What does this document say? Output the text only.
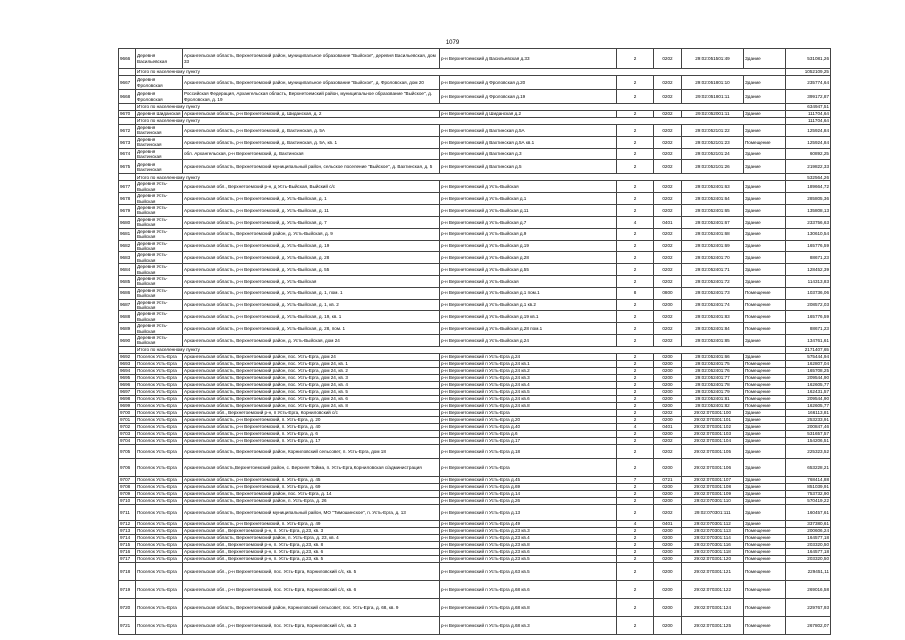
1079
9666	Деревня Васильевская	Архангельская область, Верхнетоемский район, муниципальное образование "Выйское", деревня Васильевская, дом 33	р-н Верхнетоемский д Васильевская д.33	2	0202	29:02:051501:49	Здание	531081,26
	Итого по населенному пункту							1052109,25
9667	Деревня Фроловская	Архангельская область, Верхнетоемский район, муниципальное образование "Выйское", д. Фроловская, дом 20	р-н Верхнетоемский д Фроловская д.20	2	0202	29:02:051801:10	Здание	235774,64
9668	Деревня Фроловская	Российская Федерация, Архангельская область, Верхнетоемский район, муниципальное образование "Выйское", д. Фроловская, д. 19	р-н Верхнетоемский д Фроловская д.19	2	0202	29:02:051801:11	Здание	399172,87
	Итого по населенному пункту							634947,51
9670	Деревня Шиданская	Архангельская область, р-н Верхнетоемский, д. Шиданская, д. 2	р-н Верхнетоемский д Шиданская д.2	2	0202	29:02:052001:11	Здание	111704,64
	Итого по населенному пункту							111704,64
9672	Деревня Вахтинская	Архангельская область, р-н Верхнетоемский, д. Вахтинская, д. 5А	р-н Верхнетоемский д Вахтинская д.5А	2	0202	29:02:052101:22	Здание	125924,84
9673	Деревня Вахтинская	Архангельская область, р-н Верхнетоемский, д. Вахтинская, д. 5А, кв. 1	р-н Верхнетоемский д Вахтинская д.5А кв.1	2	0202	29:02:052101:23	Помещение	125924,84
9674	Деревня Вахтинская	обл. Архангельская, р-н Верхнетоемский, д. Вахтинская	р-н Верхнетоемский д Вахтинская д.3	2	0202	29:02:052101:24	Здание	60892,25
9675	Деревня Вахтинская	Архангельская область, Верхнетоемский муниципальный район, сельское поселение "Выйское", д. Вахтинская, д. 5	р-н Верхнетоемский д Вахтинская д.5	2	0202	29:02:052101:26	Здание	219822,33
	Итого по населенному пункту							532564,26
9677	Деревня Усть-Выйская	Архангельская обл., Верхнетоемский р-н, д Усть-Выйская, Выйский с/с	р-н Верхнетоемский д Усть-Выйская	2	0202	29:02:052401:63	Здание	189664,72
9678	Деревня Усть-Выйская	Архангельская область, р-н Верхнетоемский, д. Усть-Выйская, д. 1	р-н Верхнетоемский д Усть-Выйская д.1	2	0202	29:02:052401:64	Здание	285805,36
9679	Деревня Усть-Выйская	Архангельская область, р-н Верхнетоемский, д. Усть-Выйская, д. 11	р-н Верхнетоемский д Усть-Выйская д.11	2	0202	29:02:052401:65	Здание	135808,13
9680	Деревня Усть-Выйская	Архангельская область, р-н Верхнетоемский, д. Усть-Выйская, д. 7	р-н Верхнетоемский д Усть-Выйская д.7	4	0401	29:02:052401:67	Здание	233756,63
9681	Деревня Усть-Выйская	Архангельская область, Верхнетоемский район, д. Усть-Выйская, д. 9	р-н Верхнетоемский д Усть-Выйская д.9	2	0202	29:02:052401:68	Здание	130610,54
9682	Деревня Усть-Выйская	Архангельская область, р-н Верхнетоемский, д. Усть-Выйская, д. 19	р-н Верхнетоемский д Усть-Выйская д.19	2	0202	29:02:052401:69	Здание	165776,59
9683	Деревня Усть-Выйская	Архангельская область, р-н Верхнетоемский, д. Усть-Выйская, д. 28	р-н Верхнетоемский д Усть-Выйская д.28	2	0202	29:02:052401:70	Здание	88671,23
9684	Деревня Усть-Выйская	Архангельская область, р-н Верхнетоемский, д. Усть-Выйская, д. 55	р-н Верхнетоемский д Усть-Выйская д.55	2	0202	29:02:052401:71	Здание	128452,39
9685	Деревня Усть-Выйская	Архангельская область, р-н Верхнетоемский, д. Усть-Выйская	р-н Верхнетоемский д Усть-Выйская	2	0202	29:02:052401:72	Здание	114313,83
9686	Деревня Усть-Выйская	Архангельская область, р-н Верхнетоемский, д. Усть-Выйская, д. 1, пом. 1	р-н Верхнетоемский д Усть-Выйская д.1 пом.1	8	0800	29:02:052401:73	Помещение	103736,06
9687	Деревня Усть-Выйская	Архангельская область, р-н Верхнетоемский, д. Усть-Выйская, д. 1, кв. 2	р-н Верхнетоемский д Усть-Выйская д.1 кв.2	2	0200	29:02:052401:74	Помещение	208572,03
9688	Деревня Усть-Выйская	Архангельская область, р-н Верхнетоемский, д. Усть-Выйская, д. 19, кв. 1	р-н Верхнетоемский д Усть-Выйская д.19 кв.1	2	0202	29:02:052401:83	Помещение	165776,59
9689	Деревня Усть-Выйская	Архангельская область, р-н Верхнетоемский, д. Усть-Выйская, д. 28, пом. 1	р-н Верхнетоемский д Усть-Выйская д.28 пом.1	2	0202	29:02:052401:84	Помещение	88671,23
9690	Деревня Усть-Выйская	Архангельская область, Верхнетоемский район, д. Усть-Выйская, дом 24	р-н Верхнетоемский д Усть-Выйская д.24	2	0202	29:02:052401:85	Здание	134761,61
	Итого по населенному пункту							2171407,65
9692	Поселок Усть-Ерга	Архангельская область, Верхнетоемский район, пос. Усть-Ерга, дом 24	р-н Верхнетоемский п Усть-Ерга д.24	2	0200	29:02:052401:66	Здание	575444,94
9693	Поселок Усть-Ерга	Архангельская область, Верхнетоемский район, пос. Усть-Ерга, дом 24, кв. 1	р-н Верхнетоемский п Усть-Ерга д.24 кв.1	2	0200	29:02:052401:75	Помещение	162807,04
9694	Поселок Усть-Ерга	Архангельская область, Верхнетоемский район, пос. Усть-Ерга, дом 24, кв. 2	р-н Верхнетоемский п Усть-Ерга д.24 кв.2	2	0200	29:02:052401:76	Помещение	165708,25
9695	Поселок Усть-Ерга	Архангельская область, Верхнетоемский район, пос. Усть-Ерга, дом 24, кв. 3	р-н Верхнетоемский п Усть-Ерга д.24 кв.3	2	0200	29:02:052401:77	Помещение	209544,90
9696	Поселок Усть-Ерга	Архангельская область, Верхнетоемский район, пос. Усть-Ерга, дом 24, кв. 4	р-н Верхнетоемский п Усть-Ерга д.24 кв.4	2	0200	29:02:052401:78	Помещение	162605,77
9697	Поселок Усть-Ерга	Архангельская область, Верхнетоемский район, пос. Усть-Ерга, дом 24, кв. 5	р-н Верхнетоемский п Усть-Ерга д.24 кв.5	2	0200	29:02:052401:79	Помещение	162431,57
9698	Поселок Усть-Ерга	Архангельская область, Верхнетоемский район, пос. Усть-Ерга, дом 24, кв. 6	р-н Верхнетоемский п Усть-Ерга д.24 кв.6	2	0200	29:02:052401:81	Помещение	209544,90
9699	Поселок Усть-Ерга	Архангельская область, Верхнетоемский район, пос. Усть-Ерга, дом 24, кв. 8	р-н Верхнетоемский п Усть-Ерга д.24 кв.8	2	0200	29:02:052401:82	Помещение	162605,77
9700	Поселок Усть-Ерга	Архангельская обл., Верхнетоемский р-н, п Усть-Ерга, Корниловский с/с	р-н Верхнетоемский п Усть-Ерга	2	0202	29:02:070301:100	Здание	166113,81
9701	Поселок Усть-Ерга	Архангельская область, р-н Верхнетоемский, п. Усть-Ерга, д. 20	р-н Верхнетоемский п Усть-Ерга д.20	2	0200	29:02:070301:101	Здание	253233,91
9702	Поселок Усть-Ерга	Архангельская область, р-н Верхнетоемский, п. Усть-Ерга, д. 40	р-н Верхнетоемский п Усть-Ерга д.40	4	0401	29:02:070301:102	Здание	200847,46
9703	Поселок Усть-Ерга	Архангельская область, р-н Верхнетоемский, п. Усть-Ерга, д. 6	р-н Верхнетоемский п Усть-Ерга д.6	2	0200	29:02:070301:103	Здание	531657,57
9704	Поселок Усть-Ерга	Архангельская область, р-н Верхнетоемский, п. Усть-Ерга, д. 17	р-н Верхнетоемский п Усть-Ерга д.17	2	0202	29:02:070301:104	Здание	154206,51
9705	Поселок Усть-Ерга	Архангельская область, Верхнетоемский район, Корниловский сельсовет, п. Усть-Ерга, дом 18	р-н Верхнетоемский п Усть-Ерга д.18	2	0202	29:02:070301:105	Здание	225323,52
9706	Поселок Усть-Ерга	Архангельская область,Верхнетоемский район, с. Верхняя Тойма, п. Усть-Ерга,Корниловская с/администрация	р-н Верхнетоемский п Усть-Ерга	2	0200	29:02:070301:106	Здание	653228,21
9707	Поселок Усть-Ерга	Архангельская область, р-н Верхнетоемский, п. Усть-Ерга, д. 45	р-н Верхнетоемский п Усть-Ерга д.45	7	0721	29:02:070301:107	Здание	768414,88
9708	Поселок Усть-Ерга	Архангельская область, р-н Верхнетоемский, п. Усть-Ерга, д. 69	р-н Верхнетоемский п Усть-Ерга д.69	2	0200	29:02:070301:108	Здание	851039,91
9709	Поселок Усть-Ерга	Архангельская область, Верхнетоемский район, пос. Усть-Ерга, д. 14	р-н Верхнетоемский п Усть-Ерга д.14	2	0200	29:02:070301:109	Здание	753732,90
9710	Поселок Усть-Ерга	Архангельская область, Верхнетоемский район, п. Усть-Ерга, д. 26	р-н Верхнетоемский п Усть-Ерга д.26	2	0200	29:02:070301:110	Здание	570419,22
9711	Поселок Усть-Ерга	Архангельская область, Верхнетоемский муниципальный район, МО "Тимошинское", п. Усть-Ерга, д. 13	р-н Верхнетоемский п Усть-Ерга д.13	2	0202	29:02:070301:111	Здание	160457,61
9712	Поселок Усть-Ерга	Архангельская область, р-н Верхнетоемский, п. Усть-Ерга, д. 49	р-н Верхнетоемский п Усть-Ерга д.49	4	0401	29:02:070301:112	Здание	337380,61
9713	Поселок Усть-Ерга	Архангельская обл., Верхнетоемский р-н, п. Усть-Ерга, д.23, кв. 3	р-н Верхнетоемский п Усть-Ерга д.23 кв.3	2	0200	29:02:070301:113	Помещение	200606,24
9714	Поселок Усть-Ерга	Архангельская область, Верхнетоемский район, п. Усть-Ерга, д. 23, кв. 4	р-н Верхнетоемский п Усть-Ерга д.23 кв.4	2	0200	29:02:070301:114	Помещение	164577,18
9715	Поселок Усть-Ерга	Архангельская обл., Верхнетоемский р-н, п. Усть-Ерга, д.23, кв. 8	р-н Верхнетоемский п Усть-Ерга д.23 кв.8	2	0200	29:02:070301:116	Помещение	203320,50
9716	Поселок Усть-Ерга	Архангельская обл., Верхнетоемский р-н, п. Усть-Ерга, д.23, кв. 6	р-н Верхнетоемский п Усть-Ерга д.23 кв.6	2	0200	29:02:070301:118	Помещение	164577,18
9717	Поселок Усть-Ерга	Архангельская обл., Верхнетоемский р-н, п. Усть-Ерга, д.23, кв. 5	р-н Верхнетоемский п Усть-Ерга д.23 кв.5	2	0200	29:02:070301:120	Помещение	203320,50
9718	Поселок Усть-Ерга	Архангельская обл., р-н Верхнетоемский, пос. Усть-Ерга, Корниловский с/с, кв. 5	р-н Верхнетоемский п Усть-Ерга д.63 кв.5	2	0200	29:02:070301:121	Помещение	229451,11
9719	Поселок Усть-Ерга	Архангельская обл., р-н Верхнетоемский, пос. Усть-Ерга, Корниловский с/с, кв. 6	р-н Верхнетоемский п Усть-Ерга д.68 кв.6	2	0200	29:02:070301:122	Помещение	269016,58
9720	Поселок Усть-Ерга	Архангельская область, Верхнетоемский район, Корниловский сельсовет, пос. Усть-Ерга, д. 68, кв. 9	р-н Верхнетоемский п Усть-Ерга д.68 кв.8	2	0200	29:02:070301:124	Помещение	229767,93
9721	Поселок Усть-Ерга	Архангельская обл., р-н Верхнетоемский, пос. Усть-Ерга, Корниловский с/с, кв. 3	р-н Верхнетоемский п Усть-Ерга д.68 кв.3	2	0200	29:02:070301:125	Помещение	267802,07
